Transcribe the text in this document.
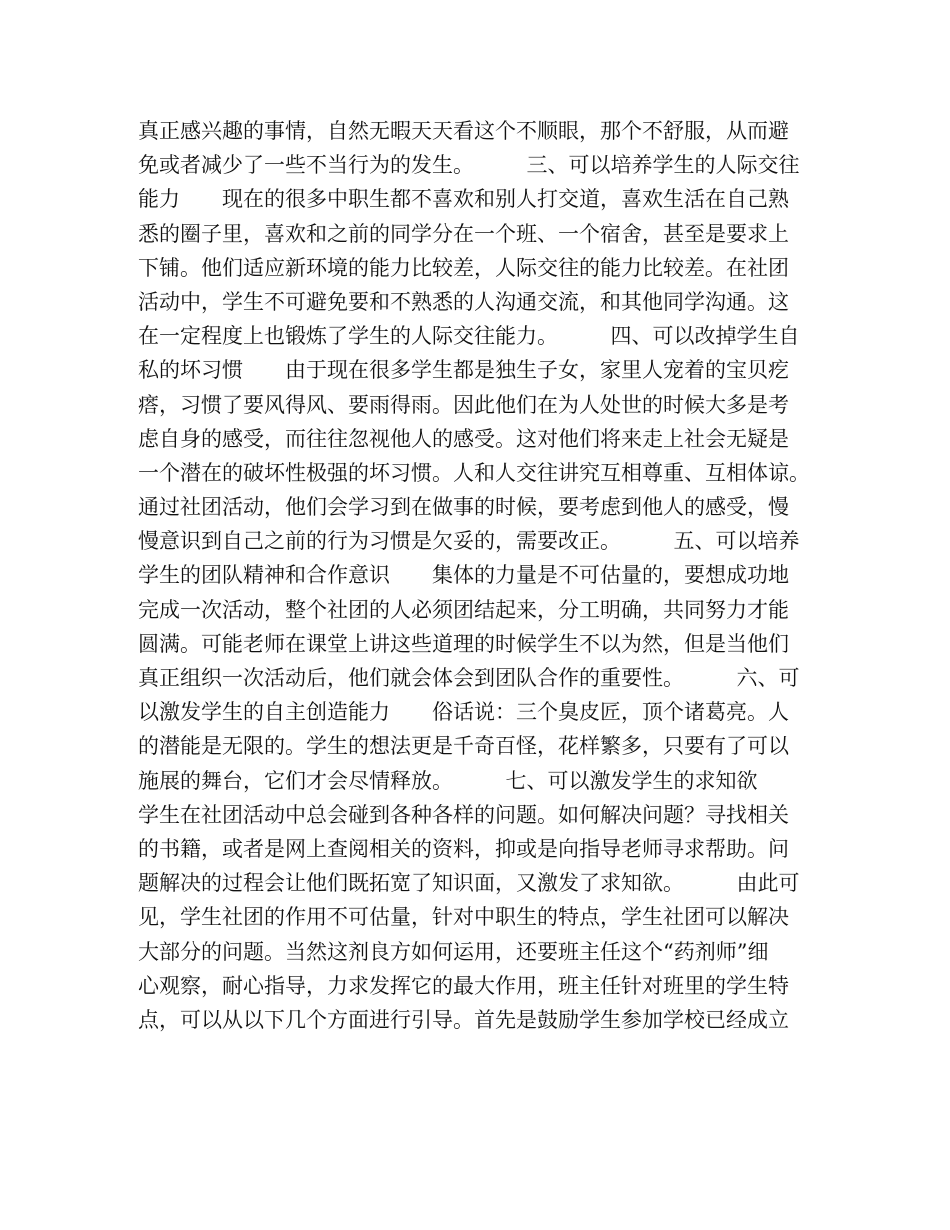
真正感兴趣的事情，自然无暇天天看这个不顺眼，那个不舒服，从而避
免或者减少了一些不当行为的发生。　　　三、可以培养学生的人际交往
能力　　现在的很多中职生都不喜欢和别人打交道，喜欢生活在自己熟
悉的圈子里，喜欢和之前的同学分在一个班、一个宿舍，甚至是要求上
下铺。他们适应新环境的能力比较差，人际交往的能力比较差。在社团
活动中，学生不可避免要和不熟悉的人沟通交流，和其他同学沟通。这
在一定程度上也锻炼了学生的人际交往能力。　　　四、可以改掉学生自
私的坏习惯　　由于现在很多学生都是独生子女，家里人宠着的宝贝疙
瘩，习惯了要风得风、要雨得雨。因此他们在为人处世的时候大多是考
虑自身的感受，而往往忽视他人的感受。这对他们将来走上社会无疑是
一个潜在的破坏性极强的坏习惯。人和人交往讲究互相尊重、互相体谅。
通过社团活动，他们会学习到在做事的时候，要考虑到他人的感受，慢
慢意识到自己之前的行为习惯是欠妥的，需要改正。　　　五、可以培养
学生的团队精神和合作意识　　集体的力量是不可估量的，要想成功地
完成一次活动，整个社团的人必须团结起来，分工明确，共同努力才能
圆满。可能老师在课堂上讲这些道理的时候学生不以为然，但是当他们
真正组织一次活动后，他们就会体会到团队合作的重要性。　　　六、可
以激发学生的自主创造能力　　俗话说：三个臭皮匠，顶个诸葛亮。人
的潜能是无限的。学生的想法更是千奇百怪，花样繁多，只要有了可以
施展的舞台，它们才会尽情释放。　　　七、可以激发学生的求知欲
学生在社团活动中总会碰到各种各样的问题。如何解决问题？寻找相关
的书籍，或者是网上查阅相关的资料，抑或是向指导老师寻求帮助。问
题解决的过程会让他们既拓宽了知识面，又激发了求知欲。　　　由此可
见，学生社团的作用不可估量，针对中职生的特点，学生社团可以解决
大部分的问题。当然这剂良方如何运用，还要班主任这个“药剂师”细
心观察，耐心指导，力求发挥它的最大作用，班主任针对班里的学生特
点，可以从以下几个方面进行引导。首先是鼓励学生参加学校已经成立
